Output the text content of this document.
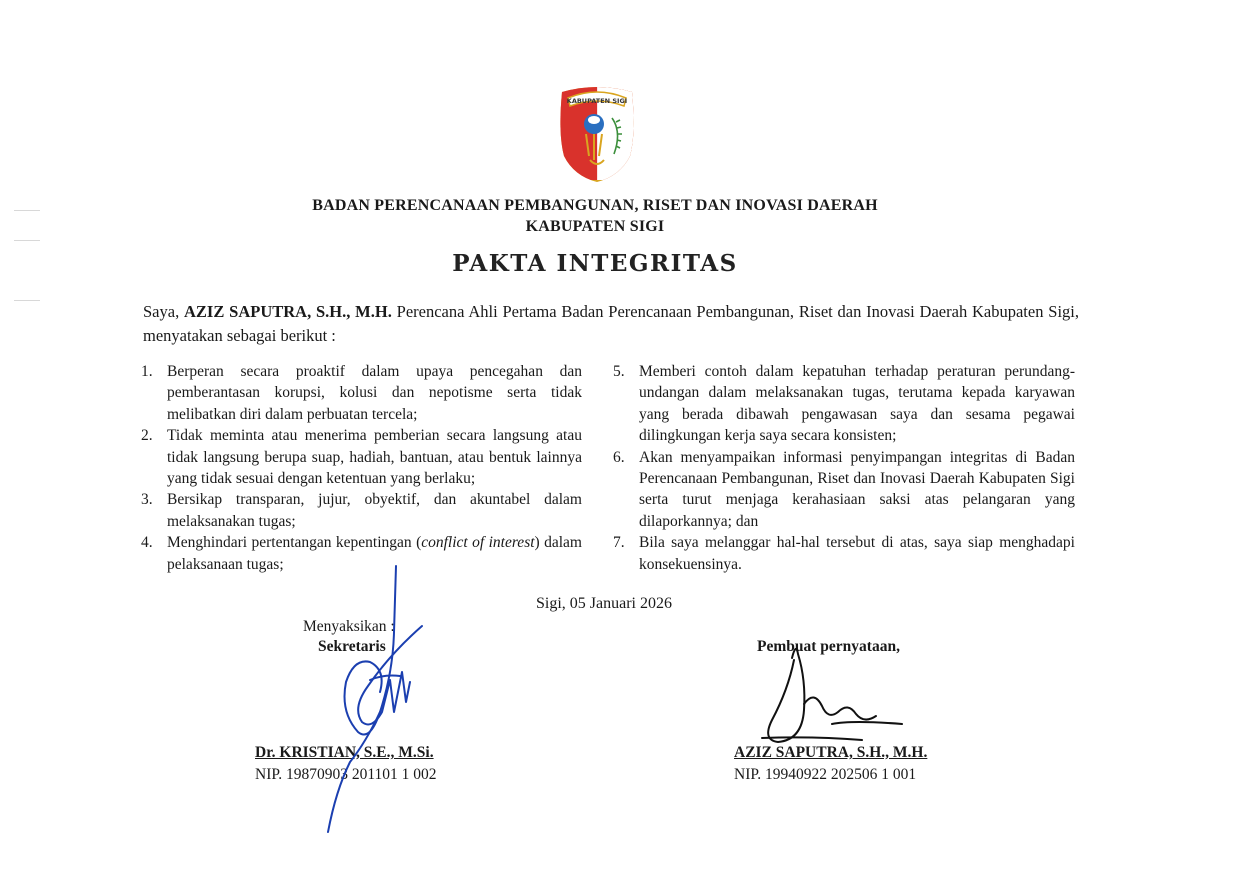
KABUPATEN SIGI
BADAN PERENCANAAN PEMBANGUNAN, RISET DAN INOVASI DAERAH
KABUPATEN SIGI
PAKTA INTEGRITAS
Saya, AZIZ SAPUTRA, S.H., M.H. Perencana Ahli Pertama Badan Perencanaan Pembangunan, Riset dan Inovasi Daerah Kabupaten Sigi, menyatakan sebagai berikut :
1. Berperan secara proaktif dalam upaya pencegahan dan pemberantasan korupsi, kolusi dan nepotisme serta tidak melibatkan diri dalam perbuatan tercela;
2. Tidak meminta atau menerima pemberian secara langsung atau tidak langsung berupa suap, hadiah, bantuan, atau bentuk lainnya yang tidak sesuai dengan ketentuan yang berlaku;
3. Bersikap transparan, jujur, obyektif, dan akuntabel dalam melaksanakan tugas;
4. Menghindari pertentangan kepentingan (conflict of interest) dalam pelaksanaan tugas;
5. Memberi contoh dalam kepatuhan terhadap peraturan perundang-undangan dalam melaksanakan tugas, terutama kepada karyawan yang berada dibawah pengawasan saya dan sesama pegawai dilingkungan kerja saya secara konsisten;
6. Akan menyampaikan informasi penyimpangan integritas di Badan Perencanaan Pembangunan, Riset dan Inovasi Daerah Kabupaten Sigi serta turut menjaga kerahasiaan saksi atas pelangaran yang dilaporkannya; dan
7. Bila saya melanggar hal-hal tersebut di atas, saya siap menghadapi konsekuensinya.
Sigi, 05 Januari 2026
Menyaksikan :
Sekretaris
Dr. KRISTIAN, S.E., M.Si.
NIP. 19870903 201101 1 002
Pembuat pernyataan,
AZIZ SAPUTRA, S.H., M.H.
NIP. 19940922 202506 1 001
